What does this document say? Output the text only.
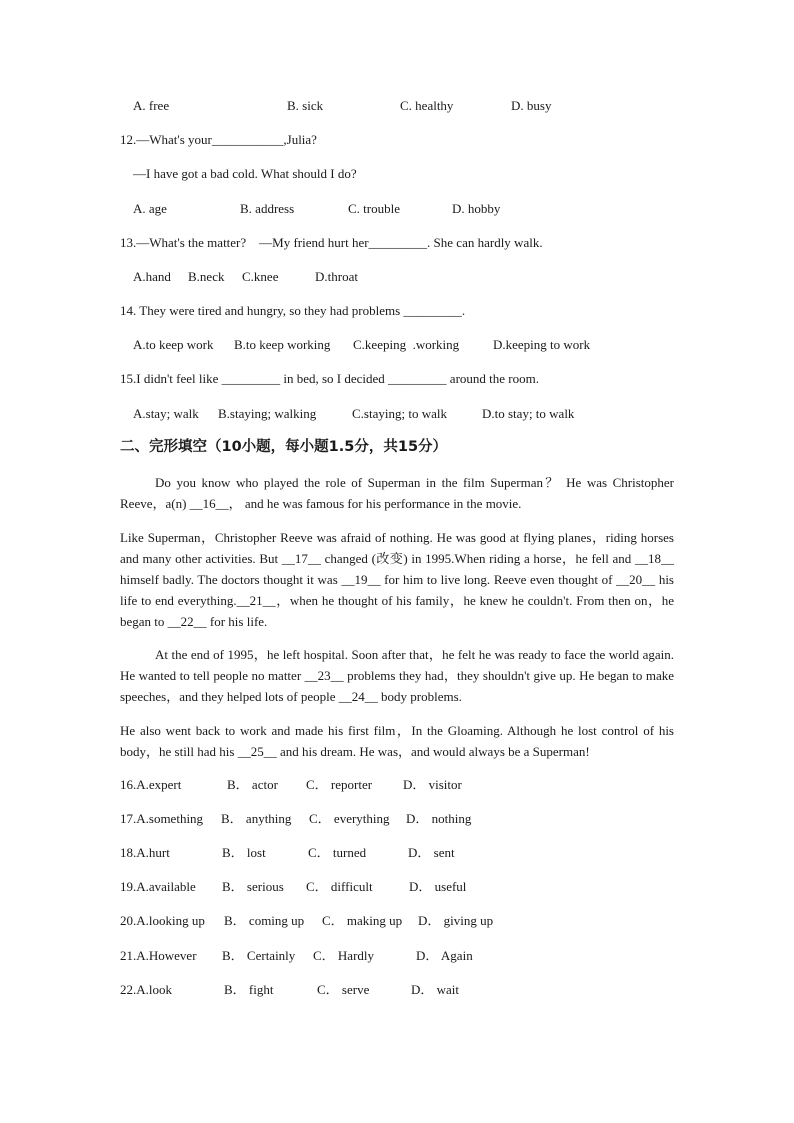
A. free	B. sick	C. healthy	D. busy
12.—What's your___________,Julia?
—I have got a bad cold. What should I do?
A. age	B. address	C. trouble	D. hobby
13.—What's the matter?    —My friend hurt her_________. She can hardly walk.
A.hand B.neck C.knee	D.throat
14. They were tired and hungry, so they had problems _________.
A.to keep work B.to keep working C.keeping  .working	D.keeping to work
15.I didn't feel like _________ in bed, so I decided _________ around the room.
A.stay; walk B.staying; walking	C.staying; to walk	D.to stay; to walk
二、完形填空（10小题，每小题1.5分，共15分）
Do you know who played the role of Superman in the film Superman？ He was Christopher Reeve，a(n) __16__， and he was famous for his performance in the movie.
Like Superman，Christopher Reeve was afraid of nothing. He was good at flying planes，riding horses and many other activities. But __17__ changed (改变) in 1995.When riding a horse，he fell and __18__ himself badly. The doctors thought it was __19__ for him to live long. Reeve even thought of __20__ his life to end everything.__21__，when he thought of his family，he knew he couldn't. From then on，he began to __22__ for his life.
At the end of 1995，he left hospital. Soon after that，he felt he was ready to face the world again. He wanted to tell people no matter __23__ problems they had，they shouldn't give up. He began to make speeches，and they helped lots of people __24__ body problems.
He also went back to work and made his first film，In the Gloaming. Although he lost control of his body，he still had his __25__ and his dream. He was，and would always be a Superman!
16.A.expert	B． actor C． reporter D． visitor
17.A.something B． anything C． everything D． nothing
18.A.hurt	B． lost	C． turned	D． sent
19.A.available B． serious C． difficult	D． useful
20.A.looking up B． coming up C． making up D． giving up
21.A.However B． Certainly C． Hardly	D． Again
22.A.look	B． fight	C． serve	D． wait
